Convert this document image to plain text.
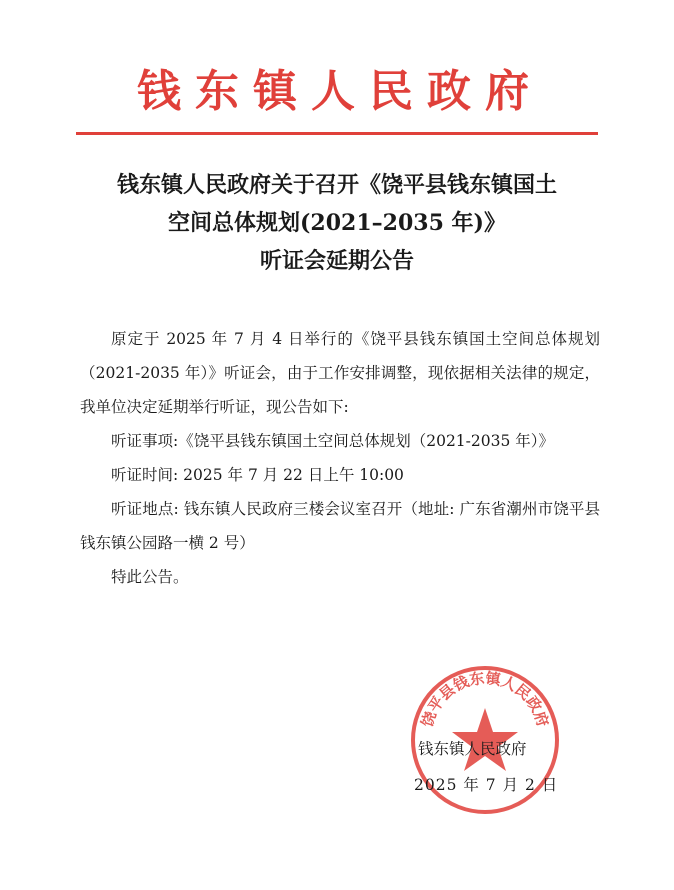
钱东镇人民政府
钱东镇人民政府关于召开《饶平县钱东镇国土
空间总体规划(2021–2035 年)》
听证会延期公告

原定于 2025 年 7 月 4 日举行的《饶平县钱东镇国土空间总体规划（2021-2035 年）》听证会，由于工作安排调整，现依据相关法律的规定，我单位决定延期举行听证，现公告如下:

听证事项:《饶平县钱东镇国土空间总体规划（2021-2035 年）》

听证时间: 2025 年 7 月 22 日上午 10:00

听证地点: 钱东镇人民政府三楼会议室召开（地址: 广东省潮州市饶平县钱东镇公园路一横 2 号）

特此公告。

饶平县钱东镇人民政府
钱东镇人民政府
2025 年 7 月 2 日
